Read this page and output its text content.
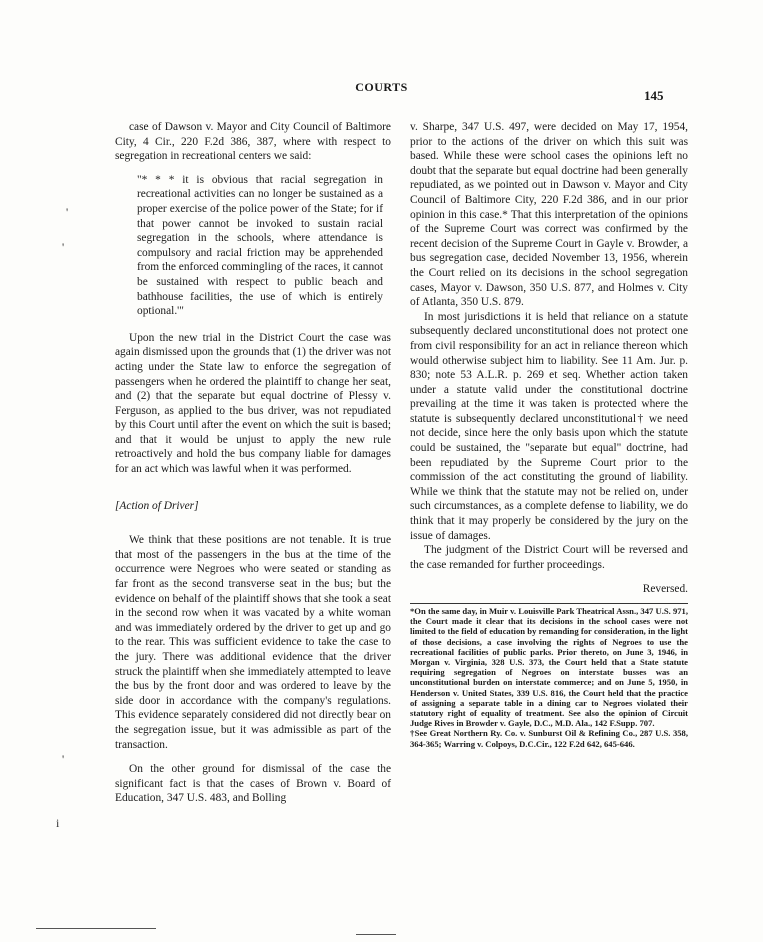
COURTS
145
'
'
'
i

case of Dawson v. Mayor and City Council of Baltimore City, 4 Cir., 220 F.2d 386, 387, where with respect to segregation in recreational centers we said:

"* * * it is obvious that racial segregation in recreational activities can no longer be sustained as a proper exercise of the police power of the State; for if that power cannot be invoked to sustain racial segregation in the schools, where attendance is compulsory and racial friction may be apprehended from the enforced commingling of the races, it cannot be sustained with respect to public beach and bathhouse facilities, the use of which is entirely optional.'"

Upon the new trial in the District Court the case was again dismissed upon the grounds that (1) the driver was not acting under the State law to enforce the segregation of passengers when he ordered the plaintiff to change her seat, and (2) that the separate but equal doctrine of Plessy v. Ferguson, as applied to the bus driver, was not repudiated by this Court until after the event on which the suit is based; and that it would be unjust to apply the new rule retroactively and hold the bus company liable for damages for an act which was lawful when it was performed.

[Action of Driver]

We think that these positions are not tenable. It is true that most of the passengers in the bus at the time of the occurrence were Negroes who were seated or standing as far front as the second transverse seat in the bus; but the evidence on behalf of the plaintiff shows that she took a seat in the second row when it was vacated by a white woman and was immediately ordered by the driver to get up and go to the rear. This was sufficient evidence to take the case to the jury. There was additional evidence that the driver struck the plaintiff when she immediately attempted to leave the bus by the front door and was ordered to leave by the side door in accordance with the company's regulations. This evidence separately considered did not directly bear on the segregation issue, but it was admissible as part of the transaction.

On the other ground for dismissal of the case the significant fact is that the cases of Brown v. Board of Education, 347 U.S. 483, and Bolling

v. Sharpe, 347 U.S. 497, were decided on May 17, 1954, prior to the actions of the driver on which this suit was based. While these were school cases the opinions left no doubt that the separate but equal doctrine had been generally repudiated, as we pointed out in Dawson v. Mayor and City Council of Baltimore City, 220 F.2d 386, and in our prior opinion in this case.* That this interpretation of the opinions of the Supreme Court was correct was confirmed by the recent decision of the Supreme Court in Gayle v. Browder, a bus segregation case, decided November 13, 1956, wherein the Court relied on its decisions in the school segregation cases, Mayor v. Dawson, 350 U.S. 877, and Holmes v. City of Atlanta, 350 U.S. 879.

In most jurisdictions it is held that reliance on a statute subsequently declared unconstitutional does not protect one from civil responsibility for an act in reliance thereon which would otherwise subject him to liability. See 11 Am. Jur. p. 830; note 53 A.L.R. p. 269 et seq. Whether action taken under a statute valid under the constitutional doctrine prevailing at the time it was taken is protected where the statute is subsequently declared unconstitutional† we need not decide, since here the only basis upon which the statute could be sustained, the "separate but equal" doctrine, had been repudiated by the Supreme Court prior to the commission of the act constituting the ground of liability. While we think that the statute may not be relied on, under such circumstances, as a complete defense to liability, we do think that it may properly be considered by the jury on the issue of damages.

The judgment of the District Court will be reversed and the case remanded for further proceedings.

Reversed.

*On the same day, in Muir v. Louisville Park Theatrical Assn., 347 U.S. 971, the Court made it clear that its decisions in the school cases were not limited to the field of education by remanding for consideration, in the light of those decisions, a case involving the rights of Negroes to use the recreational facilities of public parks. Prior thereto, on June 3, 1946, in Morgan v. Virginia, 328 U.S. 373, the Court held that a State statute requiring segregation of Negroes on interstate busses was an unconstitutional burden on interstate commerce; and on June 5, 1950, in Henderson v. United States, 339 U.S. 816, the Court held that the practice of assigning a separate table in a dining car to Negroes violated their statutory right of equality of treatment. See also the opinion of Circuit Judge Rives in Browder v. Gayle, D.C., M.D. Ala., 142 F.Supp. 707.

†See Great Northern Ry. Co. v. Sunburst Oil & Refining Co., 287 U.S. 358, 364-365; Warring v. Colpoys, D.C.Cir., 122 F.2d 642, 645-646.
